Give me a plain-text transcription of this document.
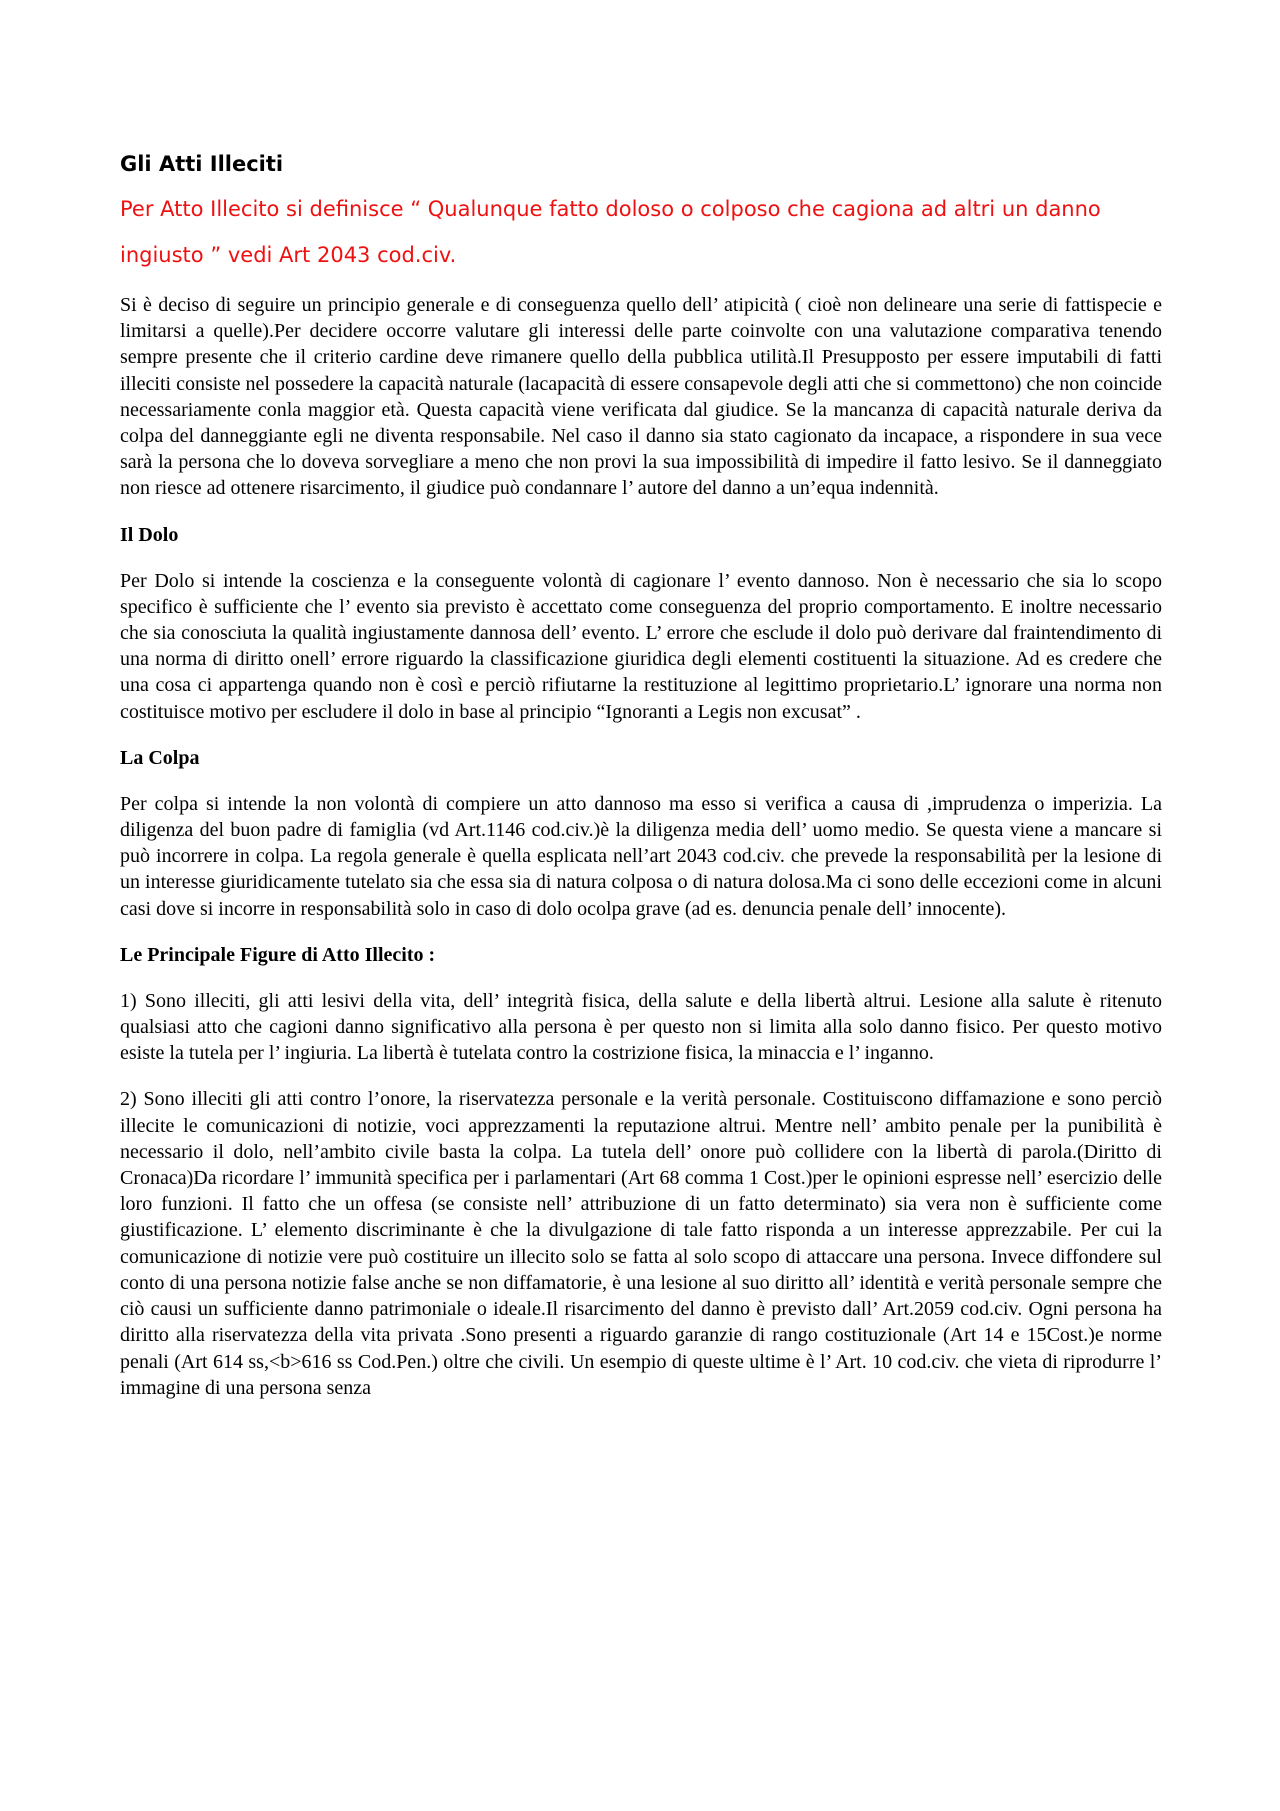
Gli Atti Illeciti
Per Atto Illecito si definisce “ Qualunque fatto doloso o colposo che cagiona ad altri un danno
ingiusto ” vedi Art 2043 cod.civ.

Si è deciso di seguire un principio generale e di conseguenza quello dell’ atipicità ( cioè non delineare una serie di fattispecie e limitarsi a quelle).Per decidere occorre valutare gli interessi delle parte coinvolte con una valutazione comparativa tenendo sempre presente che il criterio cardine deve rimanere quello della pubblica utilità.Il Presupposto per essere imputabili di fatti illeciti consiste nel possedere la capacità naturale (lacapacità di essere consapevole degli atti che si commettono) che non coincide necessariamente conla maggior età. Questa capacità viene verificata dal giudice. Se la mancanza di capacità naturale deriva da colpa del danneggiante egli ne diventa responsabile. Nel caso il danno sia stato cagionato da incapace, a rispondere in sua vece sarà la persona che lo doveva sorvegliare a meno che non provi la sua impossibilità di impedire il fatto lesivo. Se il danneggiato non riesce ad ottenere risarcimento, il giudice può condannare l’ autore del danno a un’equa indennità.

Il Dolo

Per Dolo si intende la coscienza e la conseguente volontà di cagionare l’ evento dannoso. Non è necessario che sia lo scopo specifico è sufficiente che l’ evento sia previsto è accettato come conseguenza del proprio comportamento. E inoltre necessario che sia conosciuta la qualità ingiustamente dannosa dell’ evento. L’ errore che esclude il dolo può derivare dal fraintendimento di una norma di diritto onell’ errore riguardo la classificazione giuridica degli elementi costituenti la situazione. Ad es credere che una cosa ci appartenga quando non è così e perciò rifiutarne la restituzione al legittimo proprietario.L’ ignorare una norma non costituisce motivo per escludere il dolo in base al principio “Ignoranti a Legis non excusat” .

La Colpa

Per colpa si intende la non volontà di compiere un atto dannoso ma esso si verifica a causa di ,imprudenza o imperizia. La diligenza del buon padre di famiglia (vd Art.1146 cod.civ.)è la diligenza media dell’ uomo medio. Se questa viene a mancare si può incorrere in colpa. La regola generale è quella esplicata nell’art 2043 cod.civ. che prevede la responsabilità per la lesione di un interesse giuridicamente tutelato sia che essa sia di natura colposa o di natura dolosa.Ma ci sono delle eccezioni come in alcuni casi dove si incorre in responsabilità solo in caso di dolo ocolpa grave (ad es. denuncia penale dell’ innocente).

Le Principale Figure di Atto Illecito :

1) Sono illeciti, gli atti lesivi della vita, dell’ integrità fisica, della salute e della libertà altrui. Lesione alla salute è ritenuto qualsiasi atto che cagioni danno significativo alla persona è per questo non si limita alla solo danno fisico. Per questo motivo esiste la tutela per l’ ingiuria. La libertà è tutelata contro la costrizione fisica, la minaccia e l’ inganno.

2) Sono illeciti gli atti contro l’onore, la riservatezza personale e la verità personale. Costituiscono diffamazione e sono perciò illecite le comunicazioni di notizie, voci apprezzamenti la reputazione altrui. Mentre nell’ ambito penale per la punibilità è necessario il dolo, nell’ambito civile basta la colpa. La tutela dell’ onore può collidere con la libertà di parola.(Diritto di Cronaca)Da ricordare l’ immunità specifica per i parlamentari (Art 68 comma 1 Cost.)per le opinioni espresse nell’ esercizio delle loro funzioni. Il fatto che un offesa (se consiste nell’ attribuzione di un fatto determinato) sia vera non è sufficiente come giustificazione. L’ elemento discriminante è che la divulgazione di tale fatto risponda a un interesse apprezzabile. Per cui la comunicazione di notizie vere può costituire un illecito solo se fatta al solo scopo di attaccare una persona. Invece diffondere sul conto di una persona notizie false anche se non diffamatorie, è una lesione al suo diritto all’ identità e verità personale sempre che ciò causi un sufficiente danno patrimoniale o ideale.Il risarcimento del danno è previsto dall’ Art.2059 cod.civ. Ogni persona ha diritto alla riservatezza della vita privata .Sono presenti a riguardo garanzie di rango costituzionale (Art 14 e 15Cost.)e norme penali (Art 614 ss,<b>616 ss Cod.Pen.) oltre che civili. Un esempio di queste ultime è l’ Art. 10 cod.civ. che vieta di riprodurre l’ immagine di una persona senza
